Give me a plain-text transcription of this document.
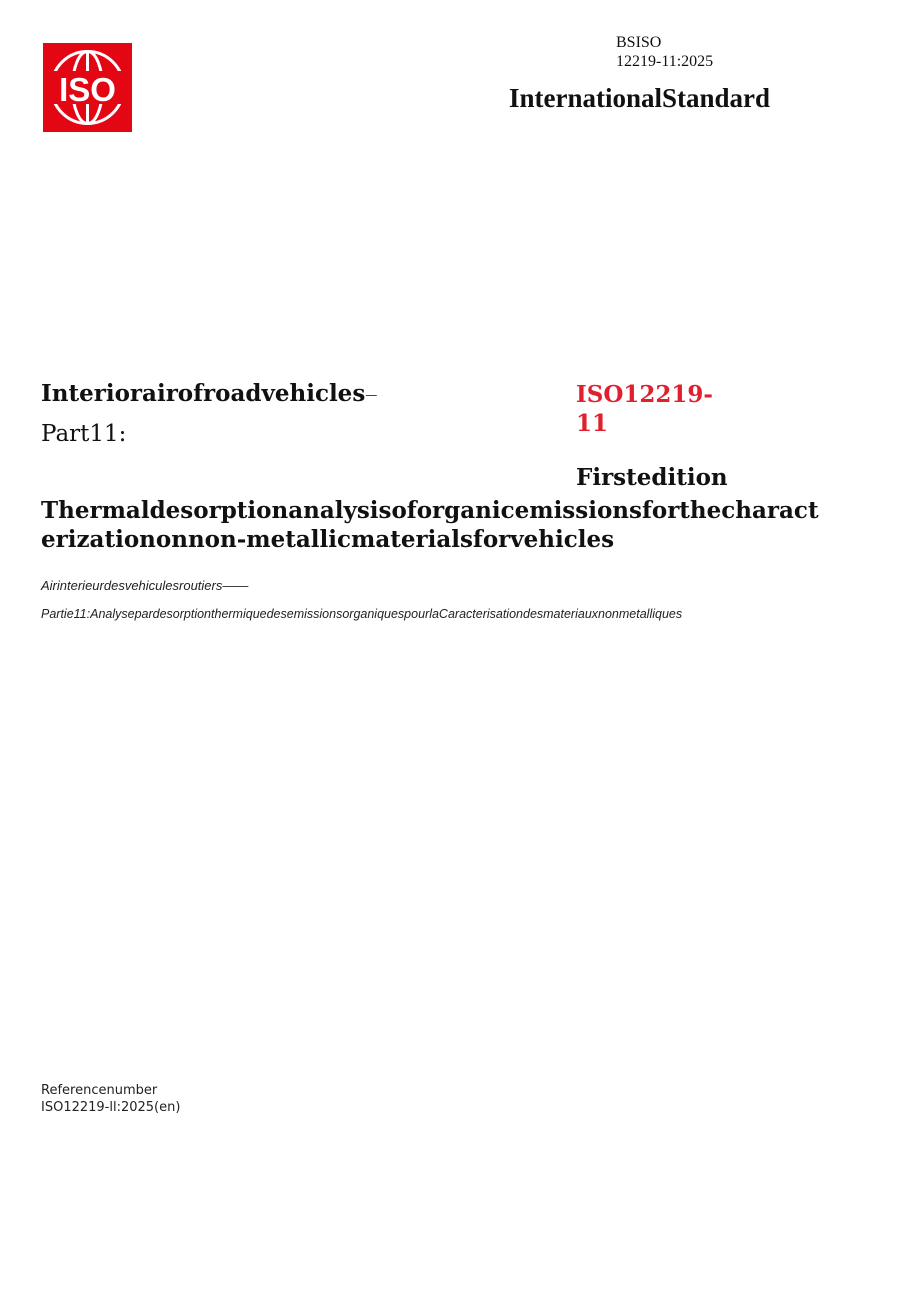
ISO
BSISO
12219-11:2025
InternationalStandard
Interiorairofroadvehicles—
Part11:
ISO12219-11
Firstedition
Thermaldesorptionanalysisoforganicemissionsforthecharacterizationonnon-metallicmaterialsforvehicles
Airinterieurdesvehiculesroutiers——
Partie11:AnalysepardesorptionthermiquedesemissionsorganiquespourlaCaracterisationdesmateriauxnonmetalliques
Referencenumber
ISO12219-ll:2025(en)
